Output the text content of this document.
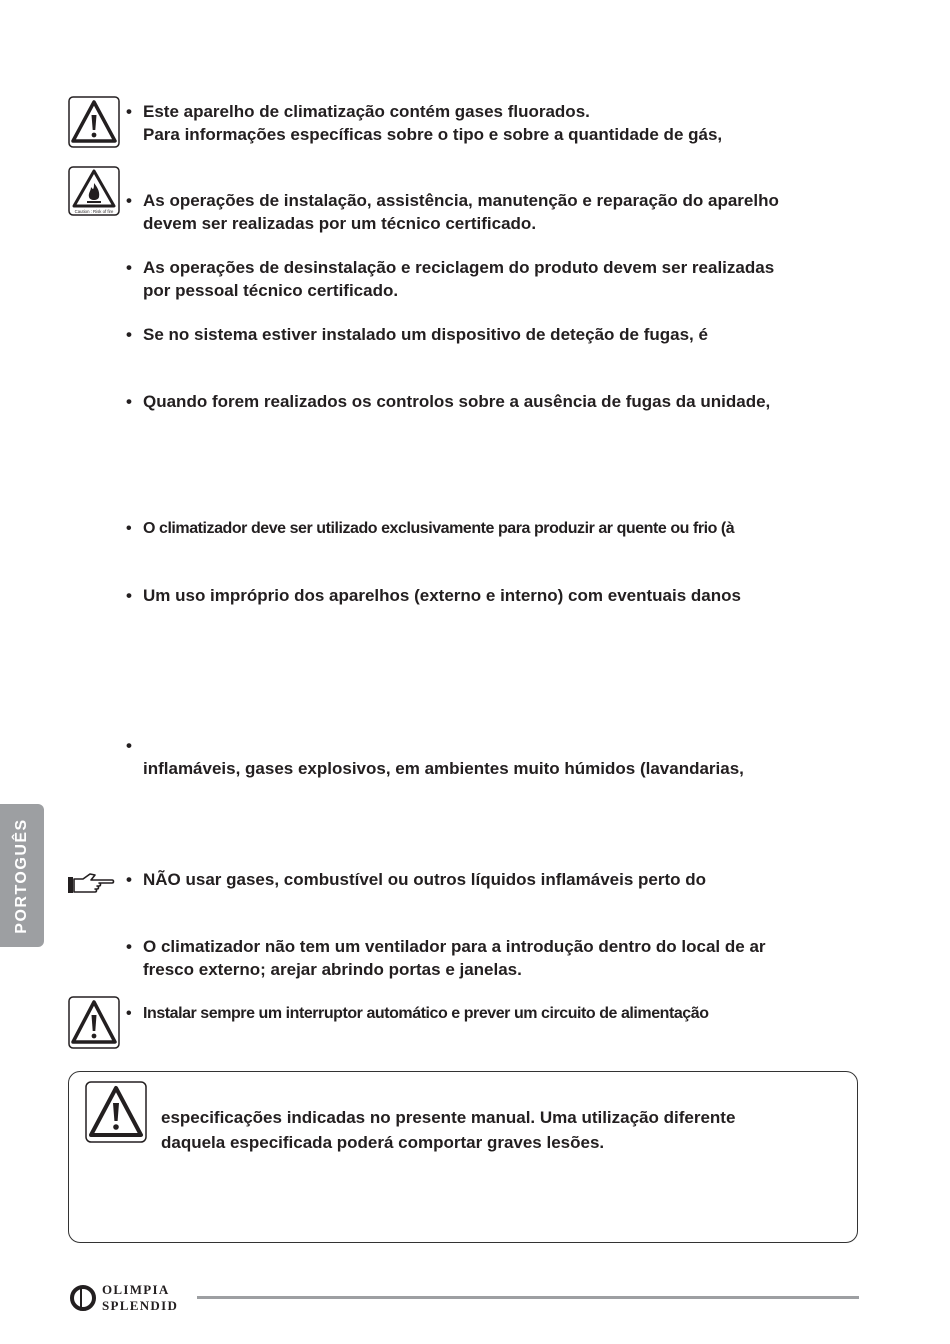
PORTOGUÊS
Caution : Risk of fire
• Este aparelho de climatização contém gases fluorados.
Para informações específicas sobre o tipo e sobre a quantidade de gás,
• As operações de instalação, assistência, manutenção e reparação do aparelho
devem ser realizadas por um técnico certificado.
• As operações de desinstalação e reciclagem do produto devem ser realizadas
por pessoal técnico certificado.
• Se no sistema estiver instalado um dispositivo de deteção de fugas, é
• Quando forem realizados os controlos sobre a ausência de fugas da unidade,
• O climatizador deve ser utilizado exclusivamente para produzir ar quente ou frio (à
• Um uso impróprio dos aparelhos (externo e interno) com eventuais danos
•
inflamáveis, gases explosivos, em ambientes muito húmidos (lavandarias,
• NÃO usar gases, combustível ou outros líquidos inflamáveis perto do
• O climatizador não tem um ventilador para a introdução dentro do local de ar
fresco externo; arejar abrindo portas e janelas.
• Instalar sempre um interruptor automático e prever um circuito de alimentação
especificações indicadas no presente manual. Uma utilização diferente
daquela especificada poderá comportar graves lesões.
OLIMPIA
SPLENDID
